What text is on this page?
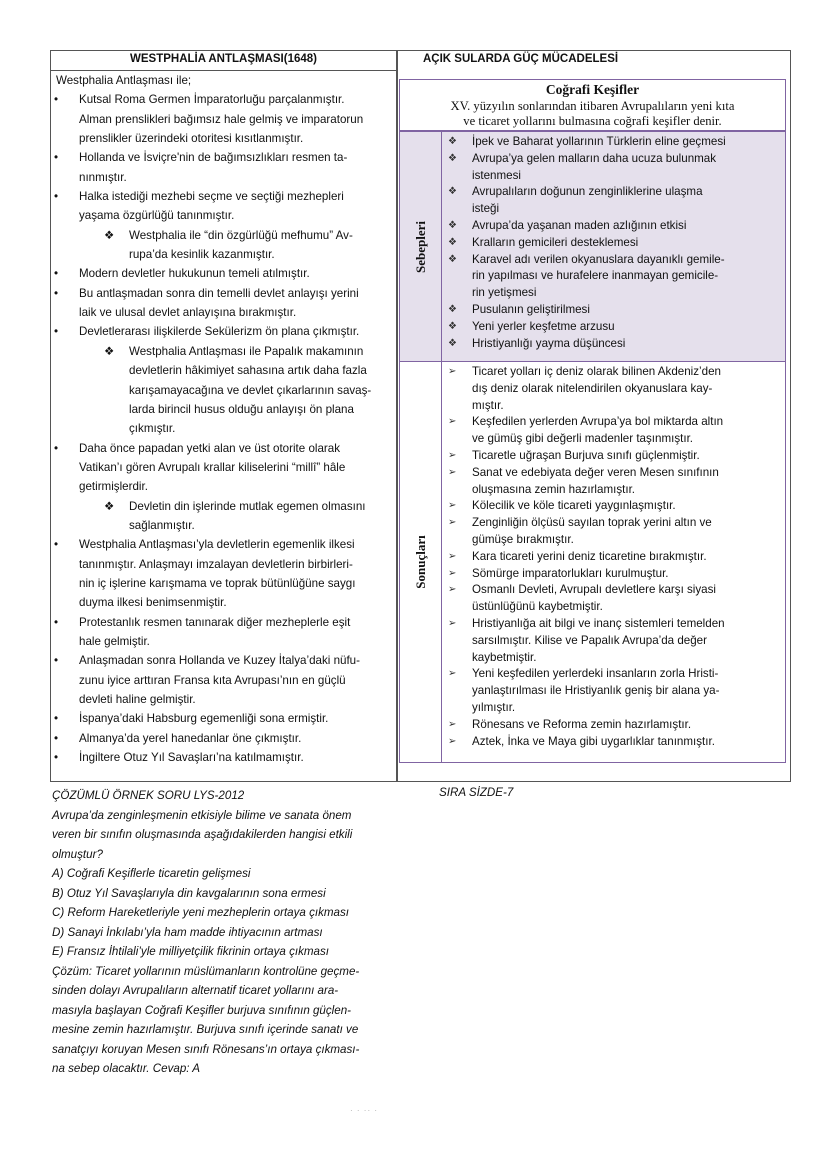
WESTPHALİA ANTLAŞMASI(1648)	AÇIK SULARDA GÜÇ MÜCADELESİ
Westphalia Antlaşması ile;
•	Kutsal Roma Germen İmparatorluğu parçalanmıştır.
Alman prenslikleri bağımsız hale gelmiş ve imparatorun
prenslikler üzerindeki otoritesi kısıtlanmıştır.
•	Hollanda ve İsviçre'nin de bağımsızlıkları resmen ta-
nınmıştır.
•	Halka istediği mezhebi seçme ve seçtiği mezhepleri
yaşama özgürlüğü tanınmıştır.
❖	Westphalia ile “din özgürlüğü mefhumu” Av-
rupa’da kesinlik kazanmıştır.
•	Modern devletler hukukunun temeli atılmıştır.
•	Bu antlaşmadan sonra din temelli devlet anlayışı yerini
laik ve ulusal devlet anlayışına bırakmıştır.
•	Devletlerarası ilişkilerde Sekülerizm ön plana çıkmıştır.
❖	Westphalia Antlaşması ile Papalık makamının
devletlerin hâkimiyet sahasına artık daha fazla
karışamayacağına ve devlet çıkarlarının savaş-
larda birincil husus olduğu anlayışı ön plana
çıkmıştır.
•	Daha önce papadan yetki alan ve üst otorite olarak
Vatikan’ı gören Avrupalı krallar kiliselerini “millî” hâle
getirmişlerdir.
❖	Devletin din işlerinde mutlak egemen olmasını
sağlanmıştır.
•	Westphalia Antlaşması’yla devletlerin egemenlik ilkesi
tanınmıştır. Anlaşmayı imzalayan devletlerin birbirleri-
nin iç işlerine karışmama ve toprak bütünlüğüne saygı
duyma ilkesi benimsenmiştir.
•	Protestanlık resmen tanınarak diğer mezheplerle eşit
hale gelmiştir.
•	Anlaşmadan sonra Hollanda ve Kuzey İtalya’daki nüfu-
zunu iyice arttıran Fransa kıta Avrupası’nın en güçlü
devleti haline gelmiştir.
•	İspanya’daki Habsburg egemenliği sona ermiştir.
•	Almanya’da yerel hanedanlar öne çıkmıştır.
•	İngiltere Otuz Yıl Savaşları’na katılmamıştır.
Coğrafi Keşifler
XV. yüzyılın sonlarından itibaren Avrupalıların yeni kıta
ve ticaret yollarını bulmasına coğrafi keşifler denir.
Sebepleri
❖ İpek ve Baharat yollarının Türklerin eline geçmesi
❖ Avrupa’ya gelen malların daha ucuza bulunmak
istenmesi
❖ Avrupalıların doğunun zenginliklerine ulaşma
isteği
❖ Avrupa’da yaşanan maden azlığının etkisi
❖ Kralların gemicileri desteklemesi
❖ Karavel adı verilen okyanuslara dayanıklı gemile-
rin yapılması ve hurafelere inanmayan gemicile-
rin yetişmesi
❖ Pusulanın geliştirilmesi
❖ Yeni yerler keşfetme arzusu
❖ Hristiyanlığı yayma düşüncesi
Sonuçları
➢ Ticaret yolları iç deniz olarak bilinen Akdeniz’den
dış deniz olarak nitelendirilen okyanuslara kay-
mıştır.
➢ Keşfedilen yerlerden Avrupa’ya bol miktarda altın
ve gümüş gibi değerli madenler taşınmıştır.
➢ Ticaretle uğraşan Burjuva sınıfı güçlenmiştir.
➢ Sanat ve edebiyata değer veren Mesen sınıfının
oluşmasına zemin hazırlamıştır.
➢ Kölecilik ve köle ticareti yaygınlaşmıştır.
➢ Zenginliğin ölçüsü sayılan toprak yerini altın ve
gümüşe bırakmıştır.
➢ Kara ticareti yerini deniz ticaretine bırakmıştır.
➢ Sömürge imparatorlukları kurulmuştur.
➢ Osmanlı Devleti, Avrupalı devletlere karşı siyasi
üstünlüğünü kaybetmiştir.
➢ Hristiyanlığa ait bilgi ve inanç sistemleri temelden
sarsılmıştır. Kilise ve Papalık Avrupa’da değer
kaybetmiştir.
➢ Yeni keşfedilen yerlerdeki insanların zorla Hristi-
yanlaştırılması ile Hristiyanlık geniş bir alana ya-
yılmıştır.
➢ Rönesans ve Reforma zemin hazırlamıştır.
➢ Aztek, İnka ve Maya gibi uygarlıklar tanınmıştır.
ÇÖZÜMLÜ ÖRNEK SORU LYS-2012
Avrupa’da zenginleşmenin etkisiyle bilime ve sanata önem
veren bir sınıfın oluşmasında aşağıdakilerden hangisi etkili
olmuştur?
A) Coğrafi Keşiflerle ticaretin gelişmesi
B) Otuz Yıl Savaşlarıyla din kavgalarının sona ermesi
C) Reform Hareketleriyle yeni mezheplerin ortaya çıkması
D) Sanayi İnkılabı’yla ham madde ihtiyacının artması
E) Fransız İhtilali’yle milliyetçilik fikrinin ortaya çıkması
Çözüm: Ticaret yollarının müslümanların kontrolüne geçme-
sinden dolayı Avrupalıların alternatif ticaret yollarını ara-
masıyla başlayan Coğrafi Keşifler burjuva sınıfının güçlen-
mesine zemin hazırlamıştır. Burjuva sınıfı içerinde sanatı ve
sanatçıyı koruyan Mesen sınıfı Rönesans’ın ortaya çıkması-
na sebep olacaktır. Cevap: A
SIRA SİZDE-7
· · ·· ·
